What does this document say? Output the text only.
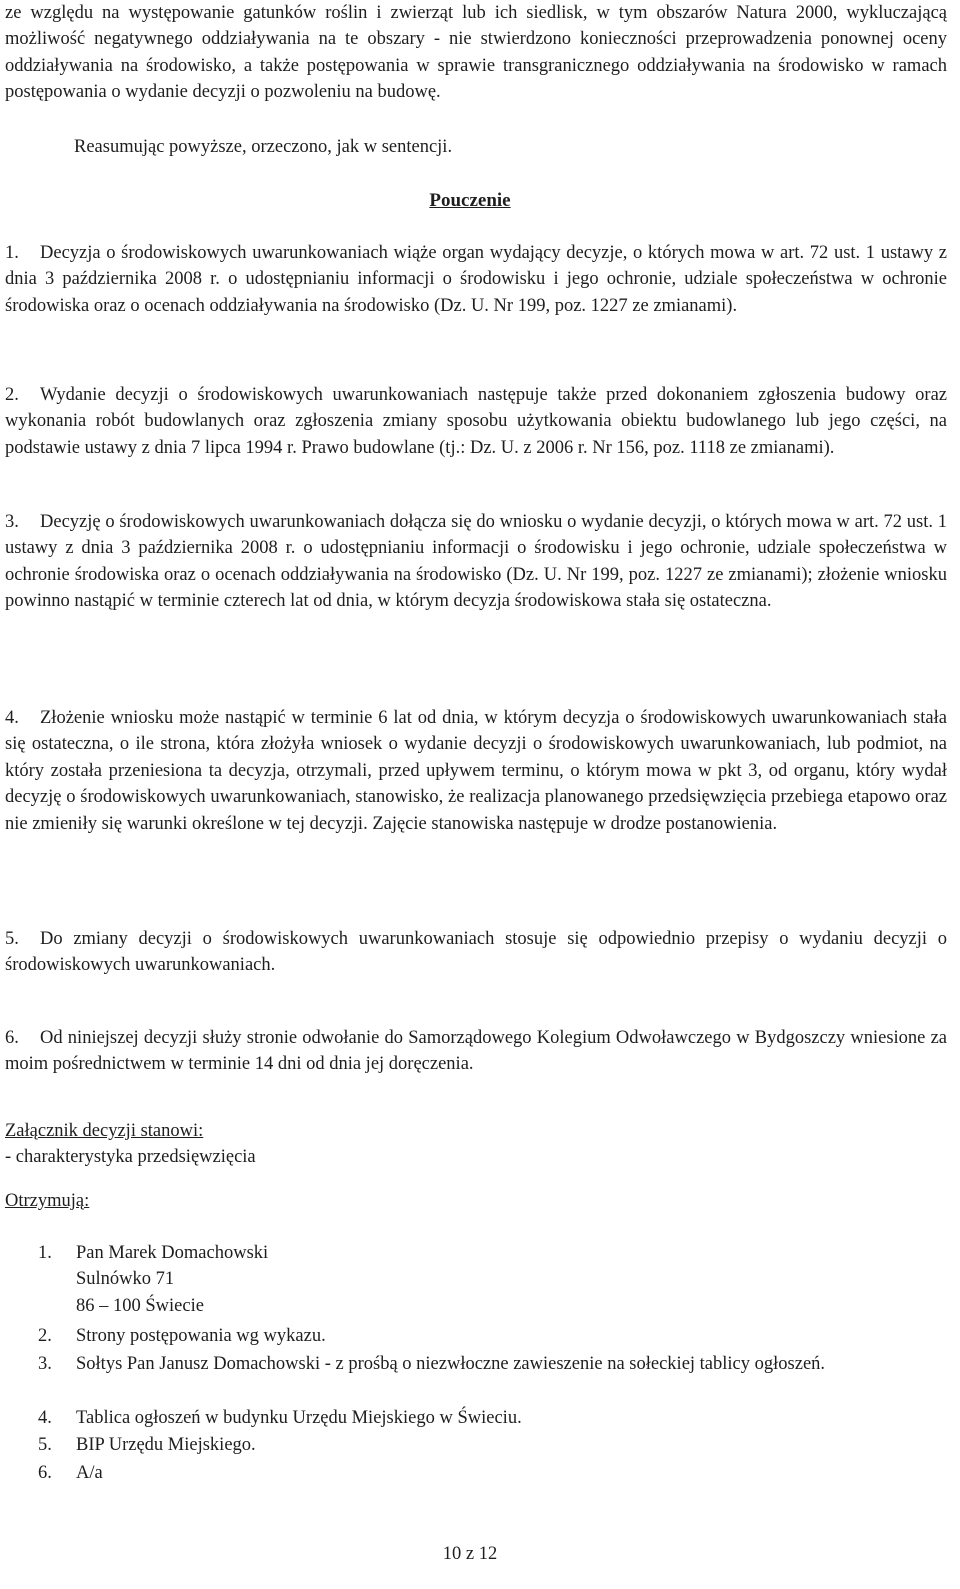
ze względu na występowanie gatunków roślin i zwierząt lub ich siedlisk, w tym obszarów Natura 2000, wykluczającą możliwość negatywnego oddziaływania na te obszary - nie stwierdzono konieczności przeprowadzenia ponownej oceny oddziaływania na środowisko, a także postępowania w sprawie transgranicznego oddziaływania na środowisko w ramach postępowania o wydanie decyzji o pozwoleniu na budowę.
Reasumując powyższe, orzeczono, jak w sentencji.
Pouczenie
1. Decyzja o środowiskowych uwarunkowaniach wiąże organ wydający decyzje, o których mowa w art. 72 ust. 1 ustawy z dnia 3 października 2008 r. o udostępnianiu informacji o środowisku i jego ochronie, udziale społeczeństwa w ochronie środowiska oraz o ocenach oddziaływania na środowisko (Dz. U. Nr 199, poz. 1227 ze zmianami).
2. Wydanie decyzji o środowiskowych uwarunkowaniach następuje także przed dokonaniem zgłoszenia budowy oraz wykonania robót budowlanych oraz zgłoszenia zmiany sposobu użytkowania obiektu budowlanego lub jego części, na podstawie ustawy z dnia 7 lipca 1994 r. Prawo budowlane (tj.: Dz. U. z 2006 r. Nr 156, poz. 1118 ze zmianami).
3. Decyzję o środowiskowych uwarunkowaniach dołącza się do wniosku o wydanie decyzji, o których mowa w art. 72 ust. 1 ustawy z dnia 3 października 2008 r. o udostępnianiu informacji o środowisku i jego ochronie, udziale społeczeństwa w ochronie środowiska oraz o ocenach oddziaływania na środowisko (Dz. U. Nr 199, poz. 1227 ze zmianami); złożenie wniosku powinno nastąpić w terminie czterech lat od dnia, w którym decyzja środowiskowa stała się ostateczna.
4. Złożenie wniosku może nastąpić w terminie 6 lat od dnia, w którym decyzja o środowiskowych uwarunkowaniach stała się ostateczna, o ile strona, która złożyła wniosek o wydanie decyzji o środowiskowych uwarunkowaniach, lub podmiot, na który została przeniesiona ta decyzja, otrzymali, przed upływem terminu, o którym mowa w pkt 3, od organu, który wydał decyzję o środowiskowych uwarunkowaniach, stanowisko, że realizacja planowanego przedsięwzięcia przebiega etapowo oraz nie zmieniły się warunki określone w tej decyzji. Zajęcie stanowiska następuje w drodze postanowienia.
5. Do zmiany decyzji o środowiskowych uwarunkowaniach stosuje się odpowiednio przepisy o wydaniu decyzji o środowiskowych uwarunkowaniach.
6. Od niniejszej decyzji służy stronie odwołanie do Samorządowego Kolegium Odwoławczego w Bydgoszczy wniesione za moim pośrednictwem w terminie 14 dni od dnia jej doręczenia.
Załącznik decyzji stanowi:
- charakterystyka przedsięwzięcia
Otrzymują:
1.	Pan Marek Domachowski
Sulnówko 71
86 – 100 Świecie
2.	Strony postępowania wg wykazu.
3.	Sołtys Pan Janusz Domachowski - z prośbą o niezwłoczne zawieszenie na sołeckiej tablicy ogłoszeń.
4.	Tablica ogłoszeń w budynku Urzędu Miejskiego w Świeciu.
5.	BIP Urzędu Miejskiego.
6.	A/a
10 z 12
